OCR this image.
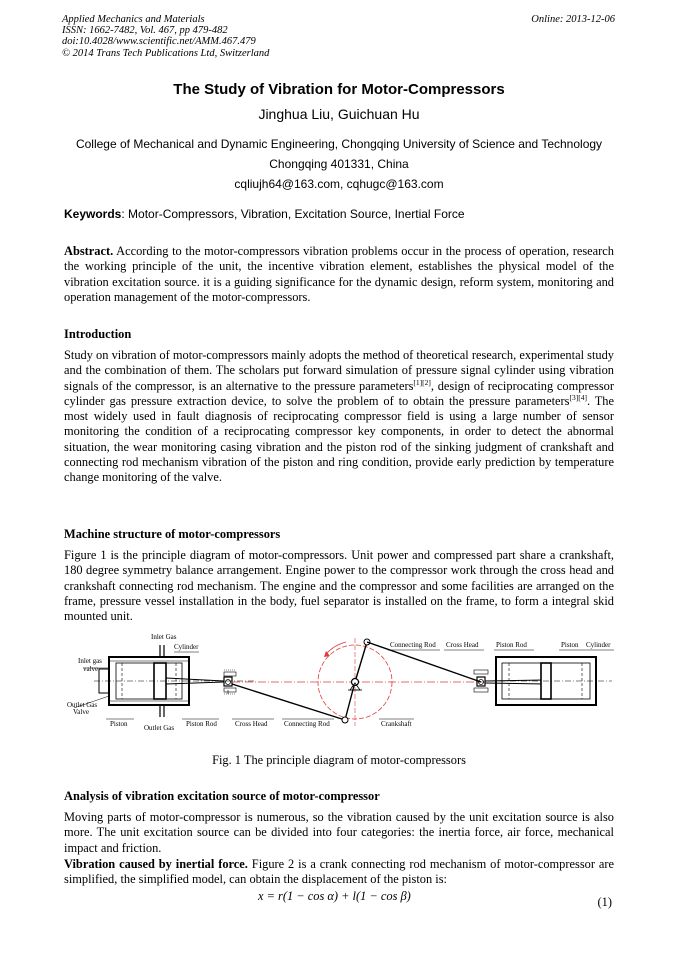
Applied Mechanics and Materials
ISSN: 1662-7482, Vol. 467, pp 479-482
doi:10.4028/www.scientific.net/AMM.467.479
© 2014 Trans Tech Publications Ltd, Switzerland
Online: 2013-12-06
The Study of Vibration for Motor-Compressors
Jinghua Liu, Guichuan Hu
College of Mechanical and Dynamic Engineering, Chongqing University of Science and Technology
Chongqing 401331, China
cqliujh64@163.com, cqhugc@163.com
Keywords: Motor-Compressors, Vibration, Excitation Source, Inertial Force
Abstract. According to the motor-compressors vibration problems occur in the process of operation, research the working principle of the unit, the incentive vibration element, establishes the physical model of the vibration excitation source. it is a guiding significance for the dynamic design, reform system, monitoring and operation management of the motor-compressors.
Introduction
Study on vibration of motor-compressors mainly adopts the method of theoretical research, experimental study and the combination of them. The scholars put forward simulation of pressure signal cylinder using vibration signals of the compressor, is an alternative to the pressure parameters[1][2], design of reciprocating compressor cylinder gas pressure extraction device, to solve the problem of to obtain the pressure parameters[3][4]. The most widely used in fault diagnosis of reciprocating compressor field is using a large number of sensor monitoring the condition of a reciprocating compressor key components, in order to detect the abnormal situation, the wear monitoring casing vibration and the piston rod of the sinking judgment of crankshaft and connecting rod mechanism vibration of the piston and ring condition, provide early prediction by temperature change monitoring of the valve.
Machine structure of motor-compressors
Figure 1 is the principle diagram of motor-compressors. Unit power and compressed part share a crankshaft, 180 degree symmetry balance arrangement. Engine power to the compressor work through the cross head and crankshaft connecting rod mechanism. The engine and the compressor and some facilities are arranged on the frame, pressure vessel installation in the body, fuel separator is installed on the frame, to form a integral skid mounted unit.
Inlet Gas
Cylinder
Inlet gas
valve
Outlet Gas
Valve
Piston Outlet Gas Piston Rod	Cross Head Connecting Rod	Crankshaft
Connecting Rod Cross Head	Piston Rod	Piston Cylinder
Fig. 1 The principle diagram of motor-compressors
Analysis of vibration excitation source of motor-compressor
Moving parts of motor-compressor is numerous, so the vibration caused by the unit excitation source is also more. The unit excitation source can be divided into four categories: the inertia force, air force, mechanical impact and friction.
Vibration caused by inertial force. Figure 2 is a crank connecting rod mechanism of motor-compressor are simplified, the simplified model, can obtain the displacement of the piston is:
x = r(1 − cos α) + l(1 − cos β)	(1)
